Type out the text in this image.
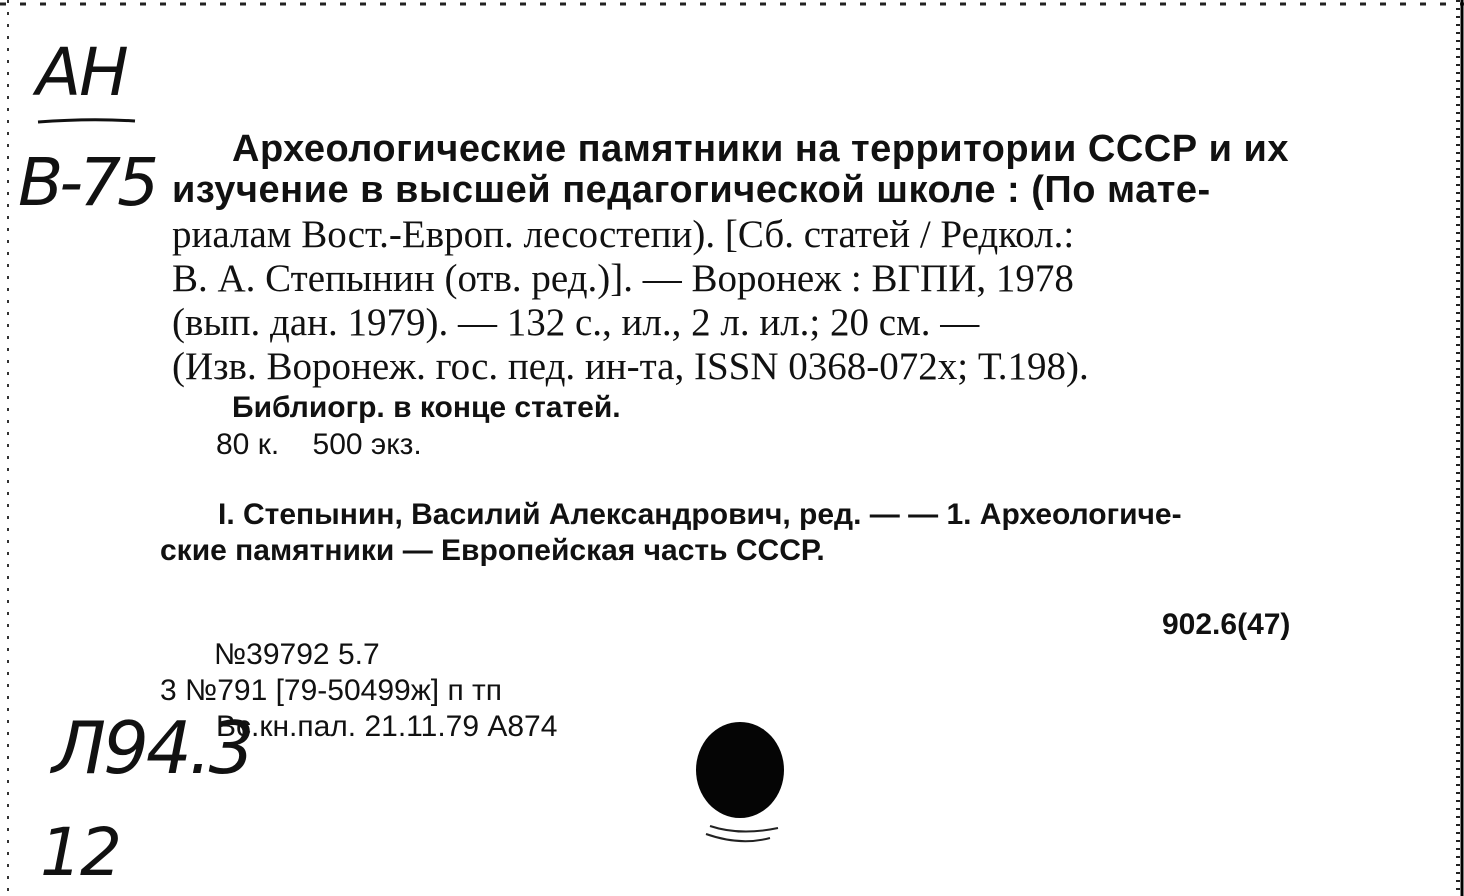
АН
В-75
Л94.3
12
Археологические памятники на территории СССР и их
изучение в высшей педагогической школе : (По мате-
риалам Вост.-Европ. лесостепи). [Сб. статей / Редкол.:
В. А. Степынин (отв. ред.)]. — Воронеж : ВГПИ, 1978
(вып. дан. 1979). — 132 с., ил., 2 л. ил.; 20 см. —
(Изв. Воронеж. гос. пед. ин-та, ISSN 0368-072х; Т.198).
Библиогр. в конце статей.
80 к.    500 экз.
I. Степынин, Василий Александрович, ред. — — 1. Археологиче-
ские памятники — Европейская часть СССР.
902.6(47)
№39792 5.7
3 №791 [79-50499ж] п тп
Вс.кн.пал. 21.11.79 А874
